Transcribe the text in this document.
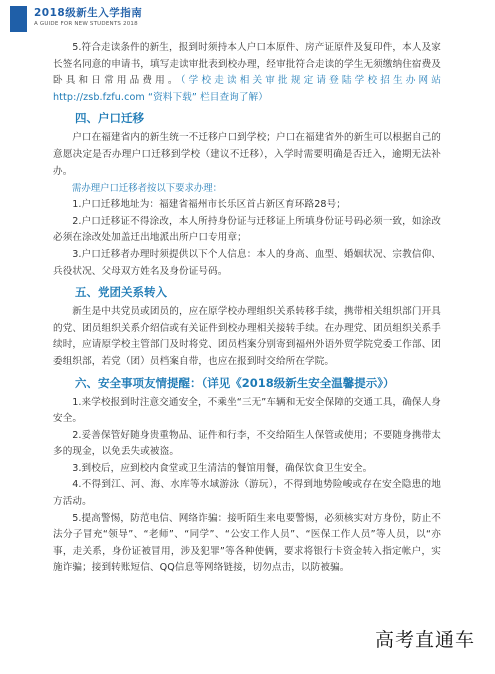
2018级新生入学指南
A GUIDE FOR NEW STUDENTS 2018

5.符合走读条件的新生，报到时须持本人户口本原件、房产证原件及复印件，本人及家长签名同意的申请书，填写走读审批表到校办理，经审批符合走读的学生无须缴纳住宿费及卧具和日常用品费用。（学校走读相关审批规定请登陆学校招生办网站 http://zsb.fzfu.com “资料下载” 栏目查询了解）

四、户口迁移

户口在福建省内的新生统一不迁移户口到学校；户口在福建省外的新生可以根据自己的意愿决定是否办理户口迁移到学校（建议不迁移），入学时需要明确是否迁入，逾期无法补办。

需办理户口迁移者按以下要求办理：

1.户口迁移地址为：福建省福州市长乐区首占新区育环路28号；

2.户口迁移证不得涂改，本人所持身份证与迁移证上所填身份证号码必须一致，如涂改必须在涂改处加盖迁出地派出所户口专用章；

3.户口迁移者办理时须提供以下个人信息：本人的身高、血型、婚姻状况、宗教信仰、兵役状况、父母双方姓名及身份证号码。

五、党团关系转入

新生是中共党员或团员的，应在原学校办理组织关系转移手续，携带相关组织部门开具的党、团员组织关系介绍信或有关证件到校办理相关接转手续。在办理党、团员组织关系手续时，应请原学校主管部门及时将党、团员档案分别寄到福州外语外贸学院党委工作部、团委组织部，若党（团）员档案自带，也应在报到时交给所在学院。

六、安全事项友情提醒：（详见《2018级新生安全温馨提示》）

1.来学校报到时注意交通安全，不乘坐“三无”车辆和无安全保障的交通工具，确保人身安全。

2.妥善保管好随身贵重物品、证件和行李，不交给陌生人保管或使用；不要随身携带太多的现金，以免丢失或被盗。

3.到校后，应到校内食堂或卫生清洁的餐馆用餐，确保饮食卫生安全。

4.不得到江、河、海、水库等水域游泳（游玩），不得到地势险峻或存在安全隐患的地方活动。

5.提高警惕，防范电信、网络诈骗：接听陌生来电要警惕，必须核实对方身份，防止不法分子冒充“领导”、“老师”、“同学”、“公安工作人员”、“医保工作人员”等人员，以“亦事，走关系，身份证被冒用，涉及犯罪”等各种使俩，要求将银行卡资金转入指定帐户，实施诈骗；接到转账短信、QQ信息等网络链接，切勿点击，以防被骗。

高考直通车
